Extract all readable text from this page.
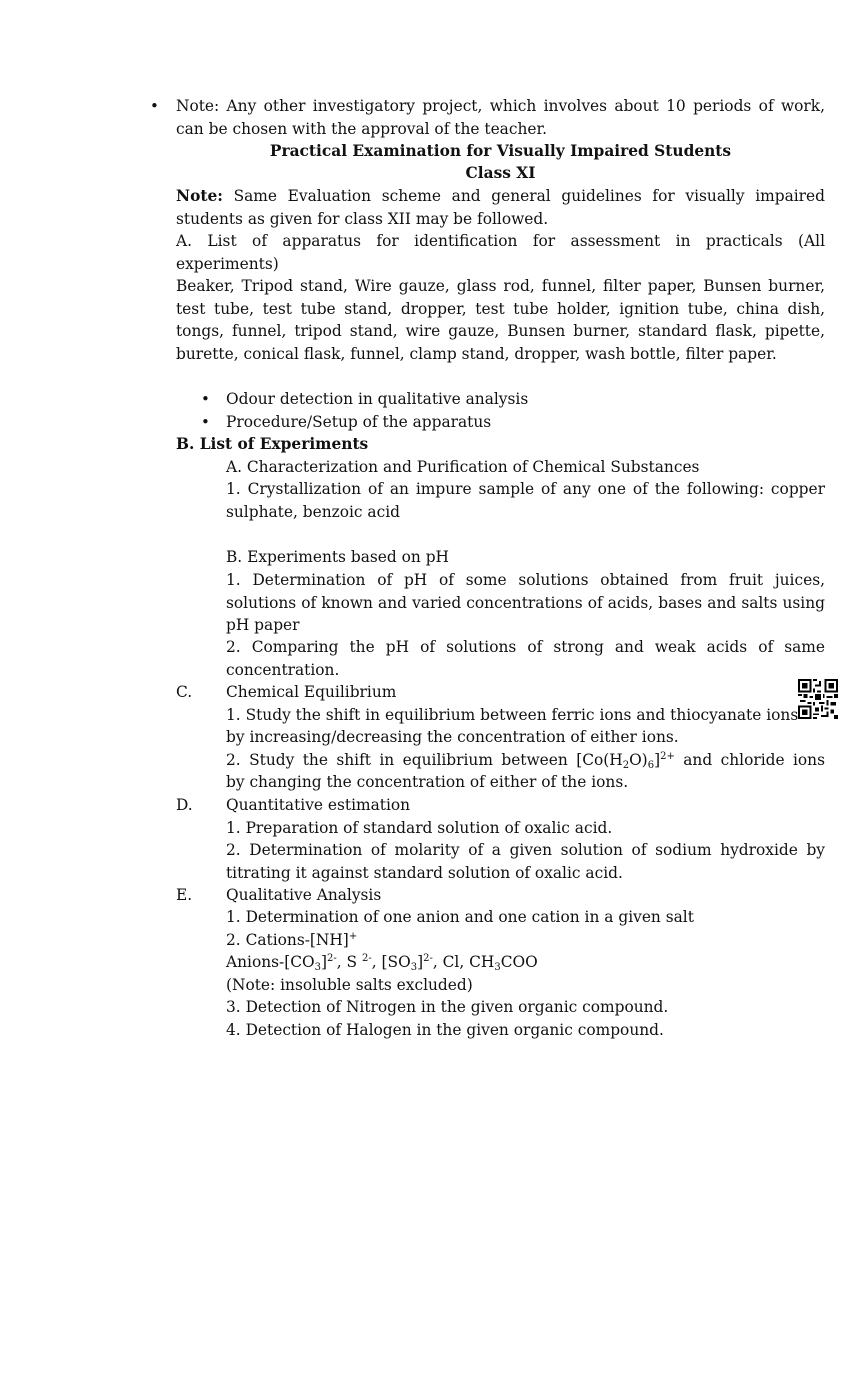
• Note: Any other investigatory project, which involves about 10 periods of work, can be chosen with the approval of the teacher.
Practical Examination for Visually Impaired Students
Class XI
Note: Same Evaluation scheme and general guidelines for visually impaired students as given for class XII may be followed.
A. List of apparatus for identification for assessment in practicals (All experiments)
Beaker, Tripod stand, Wire gauze, glass rod, funnel, filter paper, Bunsen burner, test tube, test tube stand, dropper, test tube holder, ignition tube, china dish, tongs, funnel, tripod stand, wire gauze, Bunsen burner, standard flask, pipette, burette, conical flask, funnel, clamp stand, dropper, wash bottle, filter paper.
• Odour detection in qualitative analysis
• Procedure/Setup of the apparatus
B. List of Experiments
A. Characterization and Purification of Chemical Substances
1. Crystallization of an impure sample of any one of the following: copper sulphate, benzoic acid
B. Experiments based on pH
1. Determination of pH of some solutions obtained from fruit juices, solutions of known and varied concentrations of acids, bases and salts using pH paper
2. Comparing the pH of solutions of strong and weak acids of same concentration.
C. Chemical Equilibrium
1. Study the shift in equilibrium between ferric ions and thiocyanate ions
by increasing/decreasing the concentration of either ions.
2. Study the shift in equilibrium between $[Co(H2O)6]^{2+}$ and chloride ions
by changing the concentration of either of the ions.
D. Quantitative estimation
1. Preparation of standard solution of oxalic acid.
2. Determination of molarity of a given solution of sodium hydroxide by titrating it against standard solution of oxalic acid.
E. Qualitative Analysis
1. Determination of one anion and one cation in a given salt
2. Cations-[NH]+
Anions-$[CO3]^{2-}$, S $^{2-}$, $[SO3]^{2-}$, Cl, CH3COO
(Note: insoluble salts excluded)
3. Detection of Nitrogen in the given organic compound.
4. Detection of Halogen in the given organic compound.
